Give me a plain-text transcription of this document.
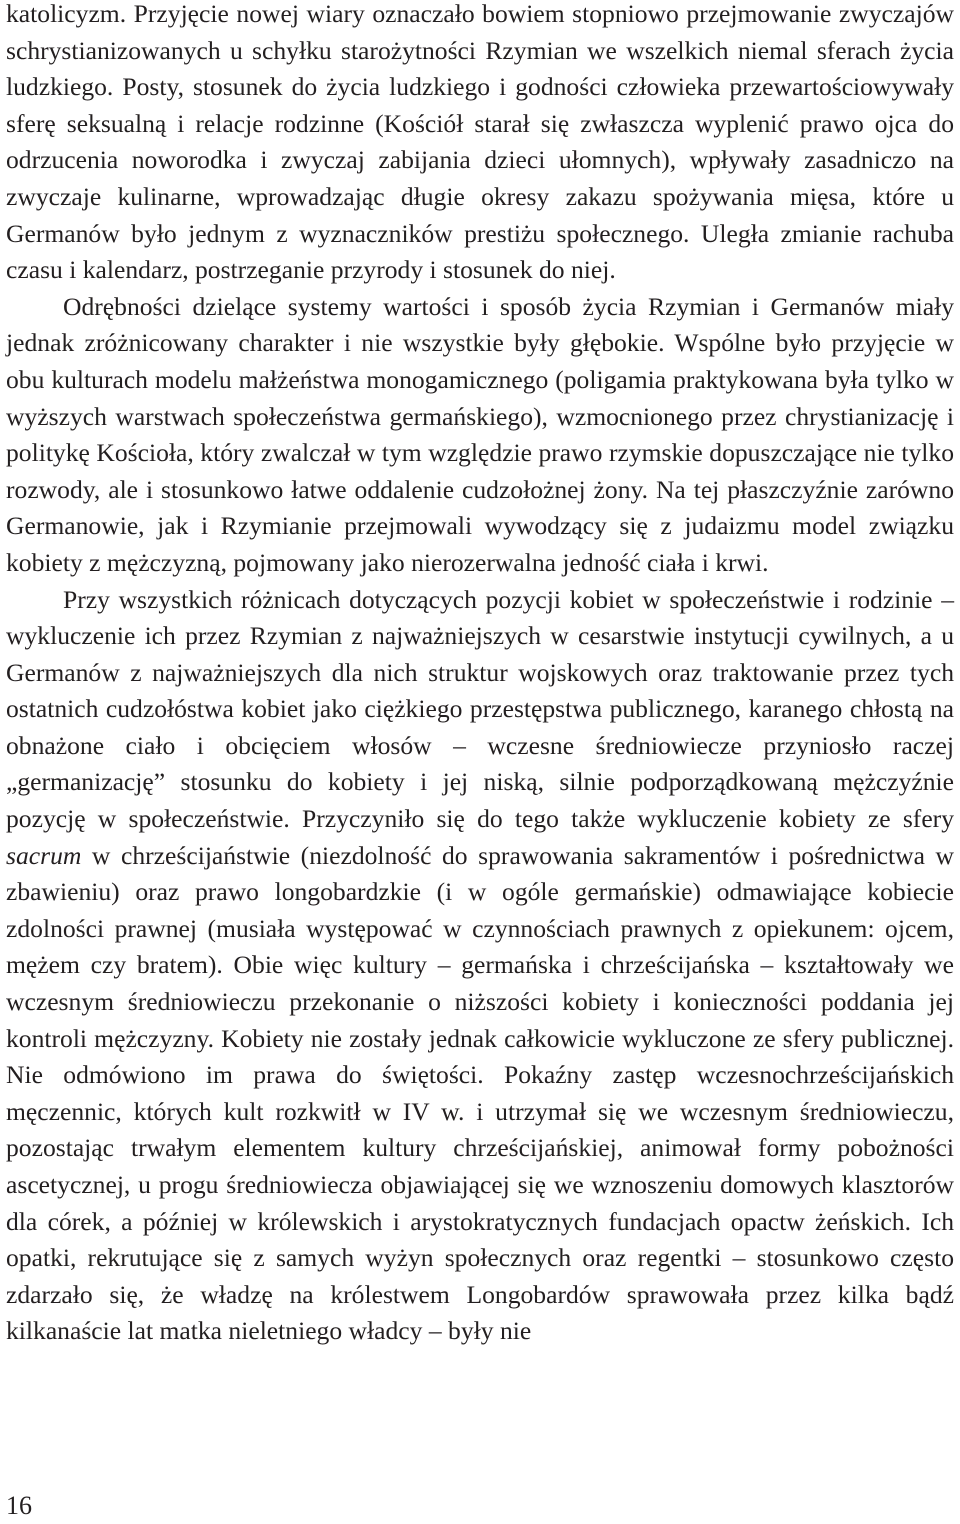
katolicyzm. Przyjęcie nowej wiary oznaczało bowiem stopniowo przejmowanie zwyczajów schrystianizowanych u schyłku starożytności Rzymian we wszelkich niemal sferach życia ludzkiego. Posty, stosunek do życia ludzkiego i godności człowieka przewartościowywały sferę seksualną i relacje rodzinne (Kościół starał się zwłaszcza wyplenić prawo ojca do odrzucenia noworodka i zwyczaj zabijania dzieci ułomnych), wpływały zasadniczo na zwyczaje kulinarne, wprowadzając długie okresy zakazu spożywania mięsa, które u Germanów było jednym z wyznaczników prestiżu społecznego. Uległa zmianie rachuba czasu i kalendarz, postrzeganie przyrody i stosunek do niej.

Odrębności dzielące systemy wartości i sposób życia Rzymian i Germanów miały jednak zróżnicowany charakter i nie wszystkie były głębokie. Wspólne było przyjęcie w obu kulturach modelu małżeństwa monogamicznego (poligamia praktykowana była tylko w wyższych warstwach społeczeństwa germańskiego), wzmocnionego przez chrystianizację i politykę Kościoła, który zwalczał w tym względzie prawo rzymskie dopuszczające nie tylko rozwody, ale i stosunkowo łatwe oddalenie cudzołożnej żony. Na tej płaszczyźnie zarówno Germanowie, jak i Rzymianie przejmowali wywodzący się z judaizmu model związku kobiety z mężczyzną, pojmowany jako nierozerwalna jedność ciała i krwi.

Przy wszystkich różnicach dotyczących pozycji kobiet w społeczeństwie i rodzinie – wykluczenie ich przez Rzymian z najważniejszych w cesarstwie instytucji cywilnych, a u Germanów z najważniejszych dla nich struktur wojskowych oraz traktowanie przez tych ostatnich cudzołóstwa kobiet jako ciężkiego przestępstwa publicznego, karanego chłostą na obnażone ciało i obcięciem włosów – wczesne średniowiecze przyniosło raczej „germanizację” stosunku do kobiety i jej niską, silnie podporządkowaną mężczyźnie pozycję w społeczeństwie. Przyczyniło się do tego także wykluczenie kobiety ze sfery sacrum w chrześcijaństwie (niezdolność do sprawowania sakramentów i pośrednictwa w zbawieniu) oraz prawo longobardzkie (i w ogóle germańskie) odmawiające kobiecie zdolności prawnej (musiała występować w czynnościach prawnych z opiekunem: ojcem, mężem czy bratem). Obie więc kultury – germańska i chrześcijańska – kształtowały we wczesnym średniowieczu przekonanie o niższości kobiety i konieczności poddania jej kontroli mężczyzny. Kobiety nie zostały jednak całkowicie wykluczone ze sfery publicznej. Nie odmówiono im prawa do świętości. Pokaźny zastęp wczesnochrześcijańskich męczennic, których kult rozkwitł w IV w. i utrzymał się we wczesnym średniowieczu, pozostając trwałym elementem kultury chrześcijańskiej, animował formy pobożności ascetycznej, u progu średniowiecza objawiającej się we wznoszeniu domowych klasztorów dla córek, a później w królewskich i arystokratycznych fundacjach opactw żeńskich. Ich opatki, rekrutujące się z samych wyżyn społecznych oraz regentki – stosunkowo często zdarzało się, że władzę na królestwem Longobardów sprawowała przez kilka bądź kilkanaście lat matka nieletniego władcy – były nie

16
